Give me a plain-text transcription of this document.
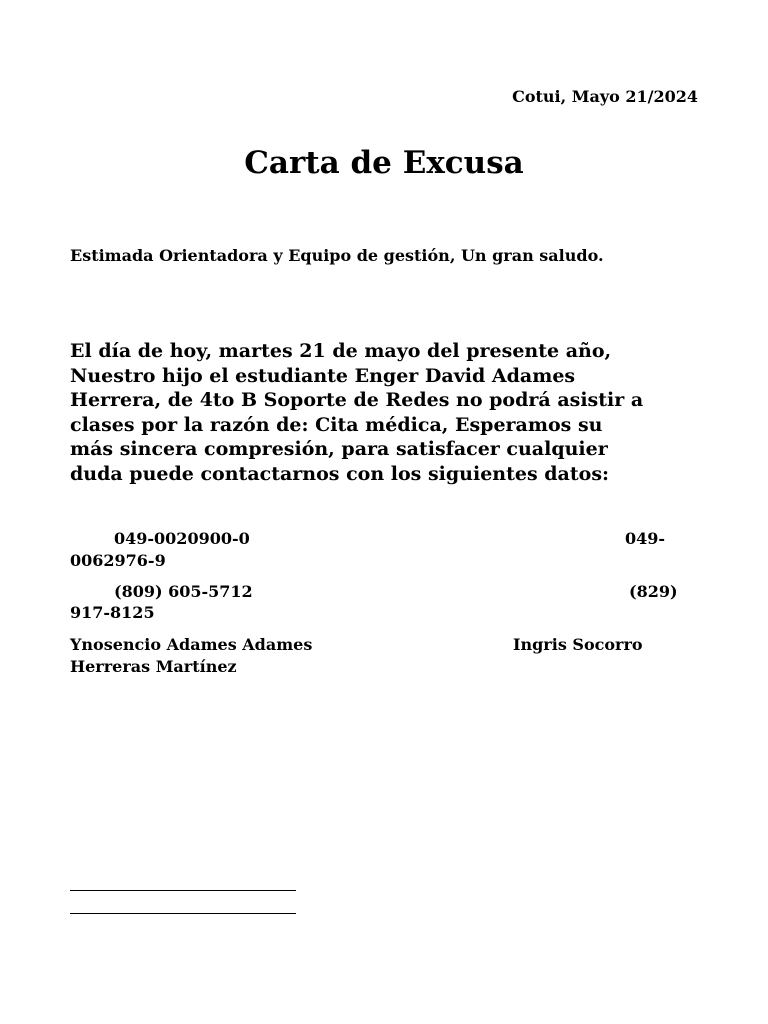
Cotui, Mayo 21/2024
Carta de Excusa
Estimada Orientadora y Equipo de gestión, Un gran saludo.
El día de hoy, martes 21 de mayo del presente año,
Nuestro hijo el estudiante Enger David Adames
Herrera, de 4to B Soporte de Redes no podrá asistir a
clases por la razón de: Cita médica, Esperamos su
más sincera compresión, para satisfacer cualquier
duda puede contactarnos con los siguientes datos:
049-0020900-0	049-
0062976-9
(809) 605-5712	(829)
917-8125
Ynosencio Adames Adames	Ingris Socorro
Herreras Martínez
